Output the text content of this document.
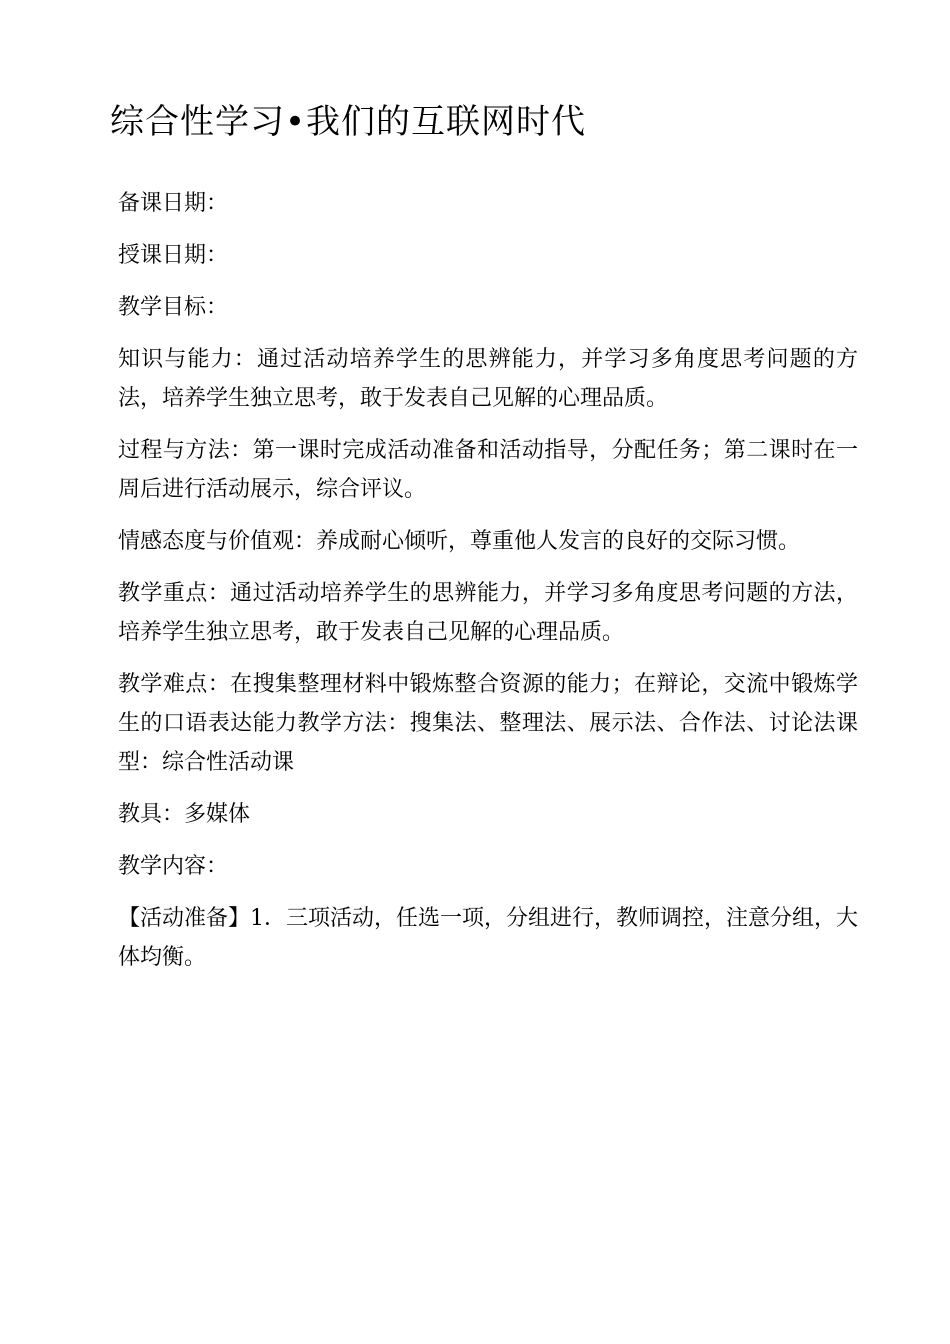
综合性学习•我们的互联网时代

备课日期：

授课日期：

教学目标：

知识与能力：通过活动培养学生的思辨能力，并学习多角度思考问题的方法，培养学生独立思考，敢于发表自己见解的心理品质。

过程与方法：第一课时完成活动准备和活动指导，分配任务；第二课时在一周后进行活动展示，综合评议。

情感态度与价值观：养成耐心倾听，尊重他人发言的良好的交际习惯。

教学重点：通过活动培养学生的思辨能力，并学习多角度思考问题的方法，培养学生独立思考，敢于发表自己见解的心理品质。

教学难点：在搜集整理材料中锻炼整合资源的能力；在辩论，交流中锻炼学生的口语表达能力教学方法：搜集法、整理法、展示法、合作法、讨论法课型：综合性活动课

教具：多媒体

教学内容：

【活动准备】1．三项活动，任选一项，分组进行，教师调控，注意分组，大体均衡。
